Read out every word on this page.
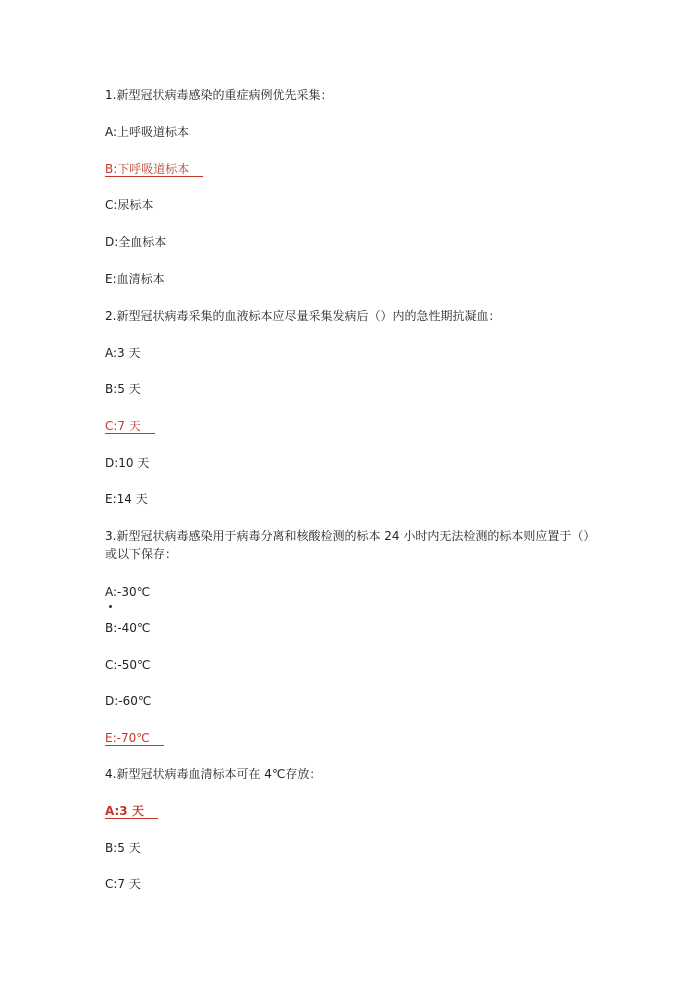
1.新型冠状病毒感染的重症病例优先采集：
A:上呼吸道标本
B:下呼吸道标本
C:尿标本
D:全血标本
E:血清标本
2.新型冠状病毒采集的血液标本应尽量采集发病后（）内的急性期抗凝血：
A:3 天
B:5 天
C:7 天
D:10 天
E:14 天
3.新型冠状病毒感染用于病毒分离和核酸检测的标本 24 小时内无法检测的标本则应置于（）
或以下保存：
A:-30℃
B:-40℃
C:-50℃
D:-60℃
E:-70℃
4.新型冠状病毒血清标本可在 4℃存放：
A:3 天
B:5 天
C:7 天
